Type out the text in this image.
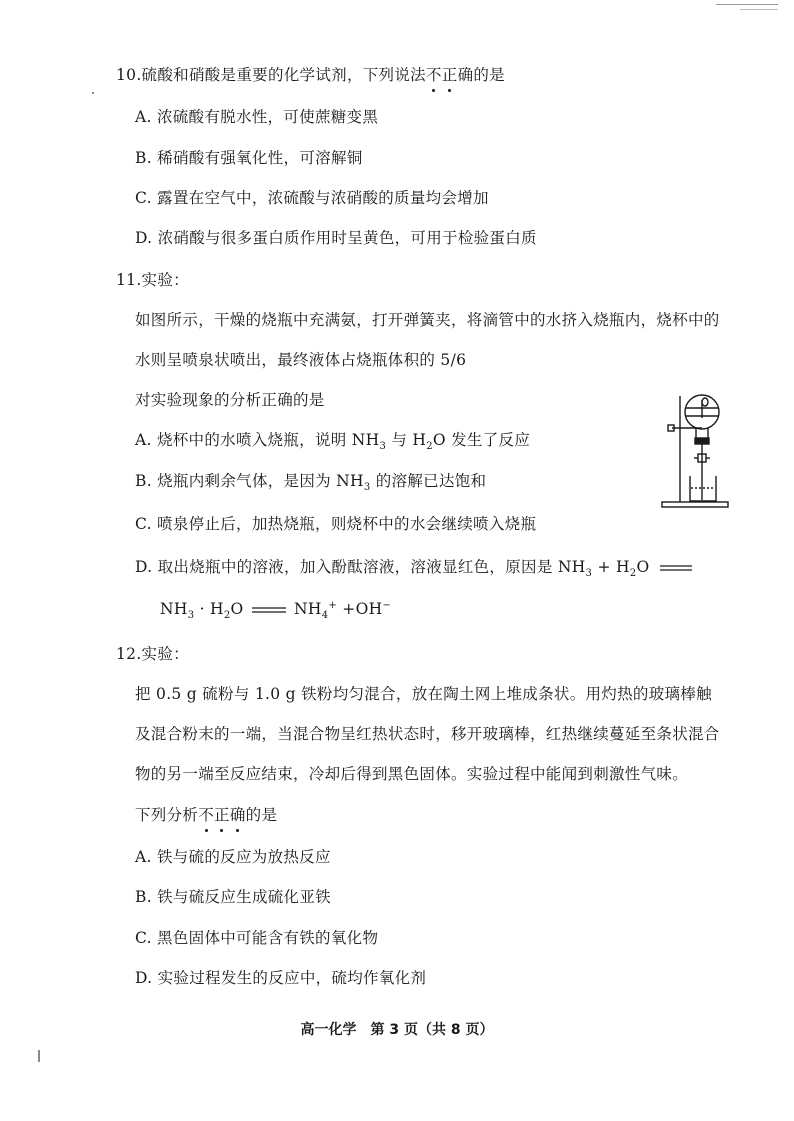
10.硫酸和硝酸是重要的化学试剂，下列说法不正确的是
A. 浓硫酸有脱水性，可使蔗糖变黑
B. 稀硝酸有强氧化性，可溶解铜
C. 露置在空气中，浓硫酸与浓硝酸的质量均会增加
D. 浓硝酸与很多蛋白质作用时呈黄色，可用于检验蛋白质
11.实验：
如图所示，干燥的烧瓶中充满氨，打开弹簧夹，将滴管中的水挤入烧瓶内，烧杯中的
水则呈喷泉状喷出，最终液体占烧瓶体积的 5/6
对实验现象的分析正确的是
A. 烧杯中的水喷入烧瓶，说明 $NH_3$ 与 $H_2O$ 发生了反应
B. 烧瓶内剩余气体，是因为 $NH_3$ 的溶解已达饱和
C. 喷泉停止后，加热烧瓶，则烧杯中的水会继续喷入烧瓶
D. 取出烧瓶中的溶液，加入酚酞溶液，溶液显红色，原因是 $NH_3 + H_2O$
$NH_3 \cdot H_2O$	$NH_4^+ +OH^-$
12.实验：
把 0.5 g 硫粉与 1.0 g 铁粉均匀混合，放在陶土网上堆成条状。用灼热的玻璃棒触
及混合粉末的一端，当混合物呈红热状态时，移开玻璃棒，红热继续蔓延至条状混合
物的另一端至反应结束，冷却后得到黑色固体。实验过程中能闻到刺激性气味。
下列分析不正确的是
A. 铁与硫的反应为放热反应
B. 铁与硫反应生成硫化亚铁
C. 黑色固体中可能含有铁的氧化物
D. 实验过程发生的反应中，硫均作氧化剂
高一化学　第 3 页（共 8 页）
